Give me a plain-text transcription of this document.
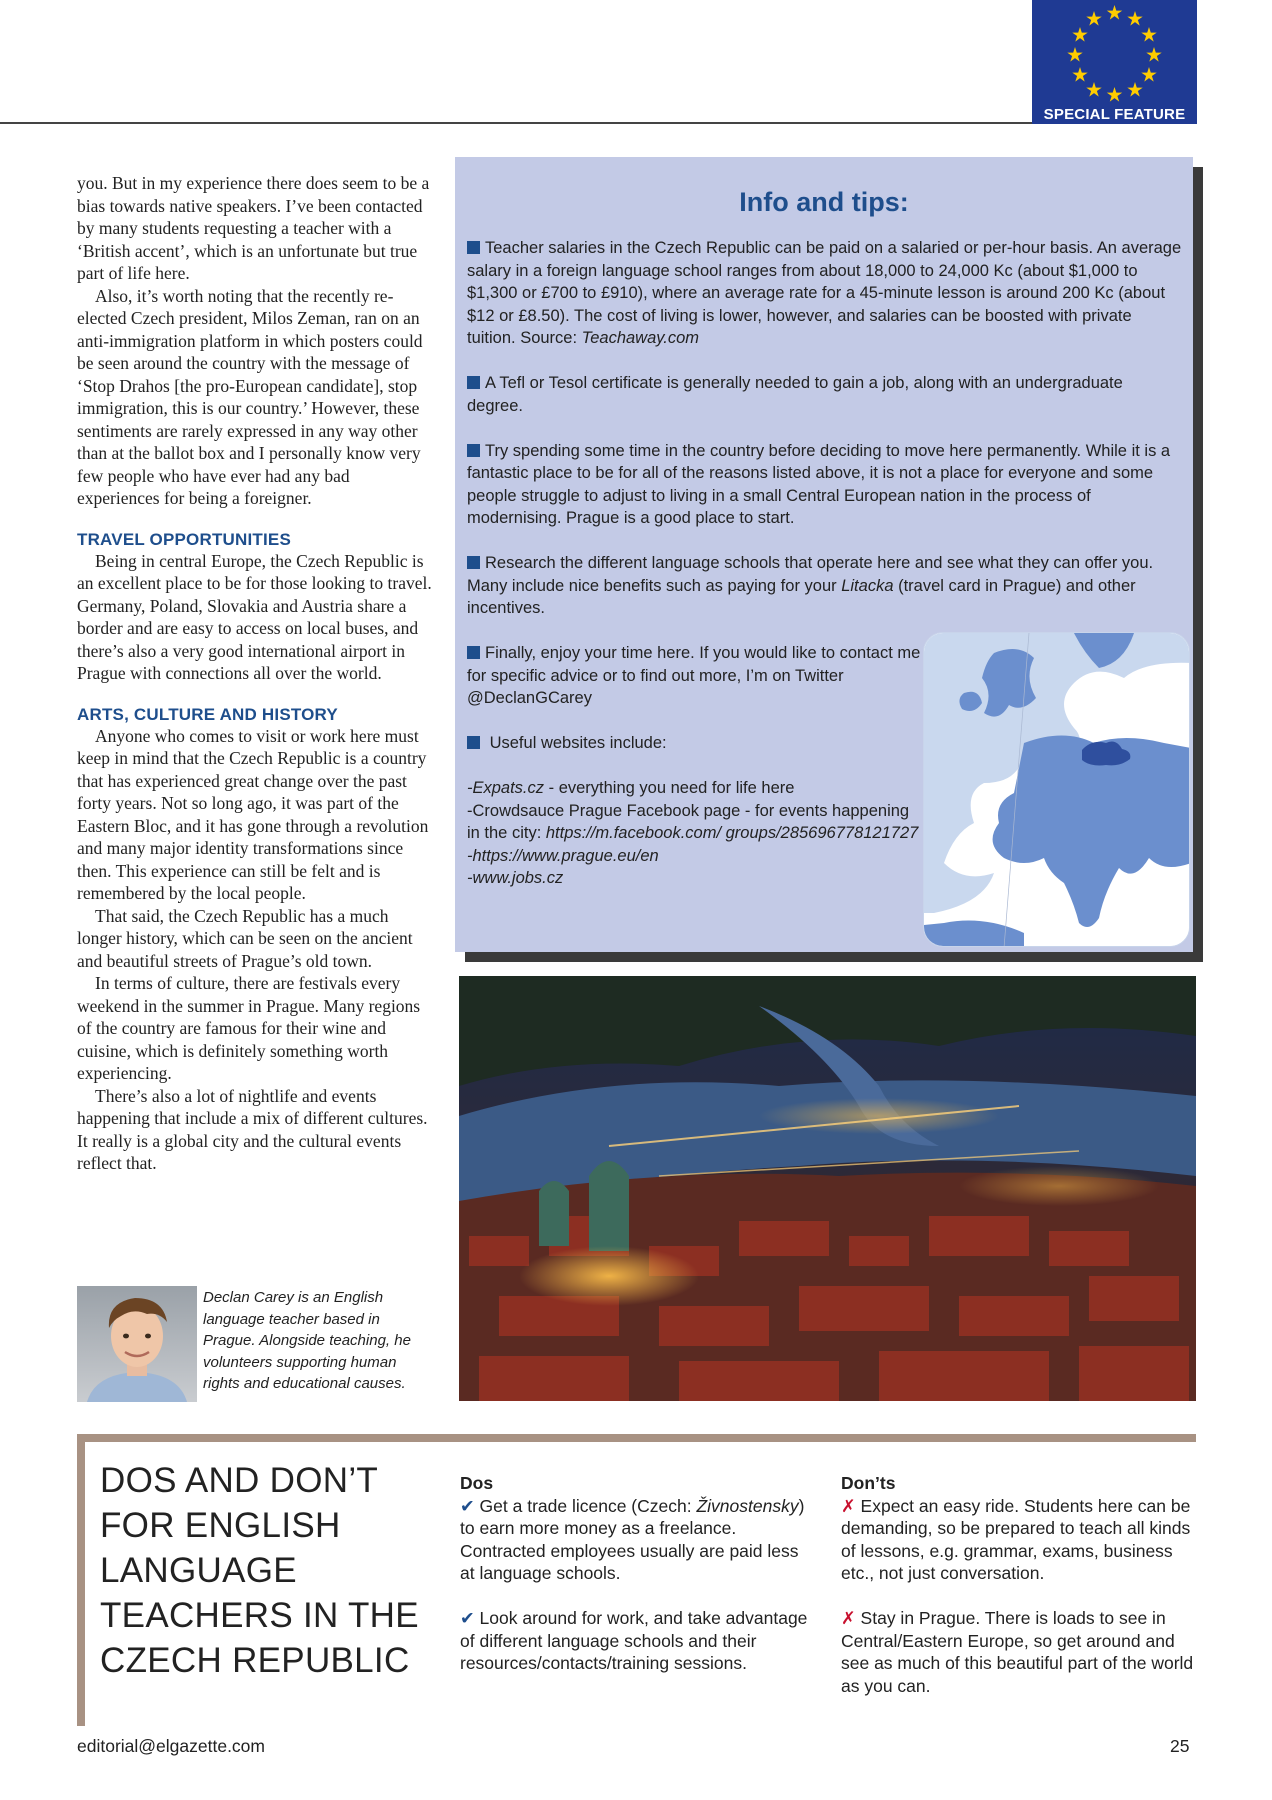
SPECIAL FEATURE

you. But in my experience there does seem to be a bias towards native speakers. I’ve been contacted by many students requesting a teacher with a ‘British accent’, which is an unfortunate but true part of life here.

Also, it’s worth noting that the recently re-elected Czech president, Milos Zeman, ran on an anti-immigration platform in which posters could be seen around the country with the message of ‘Stop Drahos [the pro-European candidate], stop immigration, this is our country.’ However, these sentiments are rarely expressed in any way other than at the ballot box and I personally know very few people who have ever had any bad experiences for being a foreigner.

TRAVEL OPPORTUNITIES

Being in central Europe, the Czech Republic is an excellent place to be for those looking to travel. Germany, Poland, Slovakia and Austria share a border and are easy to access on local buses, and there’s also a very good international airport in Prague with connections all over the world.

ARTS, CULTURE AND HISTORY

Anyone who comes to visit or work here must keep in mind that the Czech Republic is a country that has experienced great change over the past forty years. Not so long ago, it was part of the Eastern Bloc, and it has gone through a revolution and many major identity transformations since then. This experience can still be felt and is remembered by the local people.

That said, the Czech Republic has a much longer history, which can be seen on the ancient and beautiful streets of Prague’s old town.

In terms of culture, there are festivals every weekend in the summer in Prague. Many regions of the country are famous for their wine and cuisine, which is definitely something worth experiencing.

There’s also a lot of nightlife and events happening that include a mix of different cultures. It really is a global city and the cultural events reflect that.

Declan Carey is an English language teacher based in Prague. Alongside teaching, he volunteers supporting human rights and educational causes.
Info and tips:

Teacher salaries in the Czech Republic can be paid on a salaried or per-hour basis. An average salary in a foreign language school ranges from about 18,000 to 24,000 Kc (about $1,000 to $1,300 or £700 to £910), where an average rate for a 45-minute lesson is around 200 Kc (about $12 or £8.50). The cost of living is lower, however, and salaries can be boosted with private tuition. Source: Teachaway.com

A Tefl or Tesol certificate is generally needed to gain a job, along with an undergraduate degree.

Try spending some time in the country before deciding to move here permanently. While it is a fantastic place to be for all of the reasons listed above, it is not a place for everyone and some people struggle to adjust to living in a small Central European nation in the process of modernising. Prague is a good place to start.

Research the different language schools that operate here and see what they can offer you. Many include nice benefits such as paying for your Litacka (travel card in Prague) and other incentives.

Finally, enjoy your time here. If you would like to contact me for specific advice or to find out more, I’m on Twitter @DeclanGCarey

Useful websites include:

-Expats.cz - everything you need for life here
-Crowdsauce Prague Facebook page - for events happening in the city: https://m.facebook.com/ groups/285696778121727
-https://www.prague.eu/en
-www.jobs.cz
DOS AND DON’T FOR ENGLISH LANGUAGE TEACHERS IN THE CZECH REPUBLIC
Dos
✔ Get a trade licence (Czech: Živnostensky) to earn more money as a freelance.
Contracted employees usually are paid less at language schools.
✔ Look around for work, and take advantage of different language schools and their resources/contacts/training sessions.
Don’ts
✗ Expect an easy ride. Students here can be demanding, so be prepared to teach all kinds of lessons, e.g. grammar, exams, business etc., not just conversation.
✗ Stay in Prague. There is loads to see in Central/Eastern Europe, so get around and see as much of this beautiful part of the world as you can.
editorial@elgazette.com	25
